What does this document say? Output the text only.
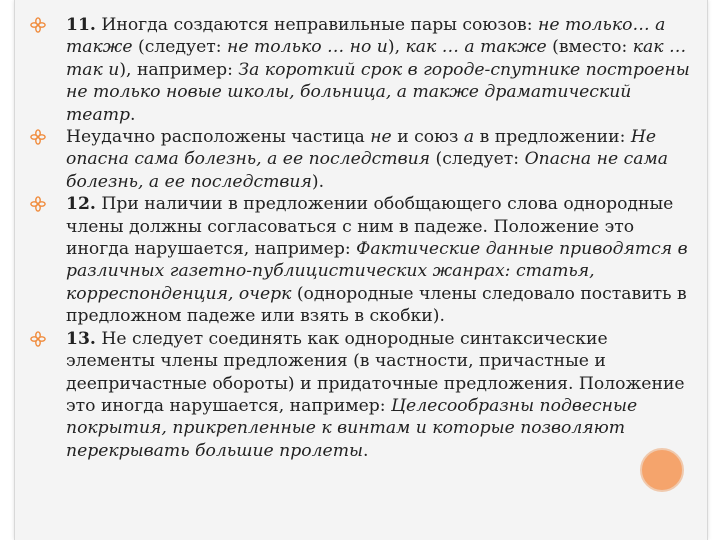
11. Иногда создаются неправильные пары союзов: не только… а также (следует: не только … но и), как … а также (вместо: как … так и), например: За короткий срок в городе-спутнике построены не только новые школы, больница, а также драматический театр.

Неудачно расположены частица не и союз а в предложении: Не опасна сама болезнь, а ее последствия (следует: Опасна не сама болезнь, а ее последствия).

12. При наличии в предложении обобщающего слова однородные члены должны согласоваться с ним в падеже. Положение это иногда нарушается, например: Фактические данные приводятся в различных газетно-публицистических жанрах: статья, корреспонденция, очерк (однородные члены следовало поставить в предложном падеже или взять в скобки).

13. Не следует соединять как однородные синтаксические элементы члены предложения (в частности, причастные и деепричастные обороты) и придаточные предложения. Положение это иногда нарушается, например: Целесообразны подвесные покрытия, прикрепленные к винтам и которые позволяют перекрывать большие пролеты.
